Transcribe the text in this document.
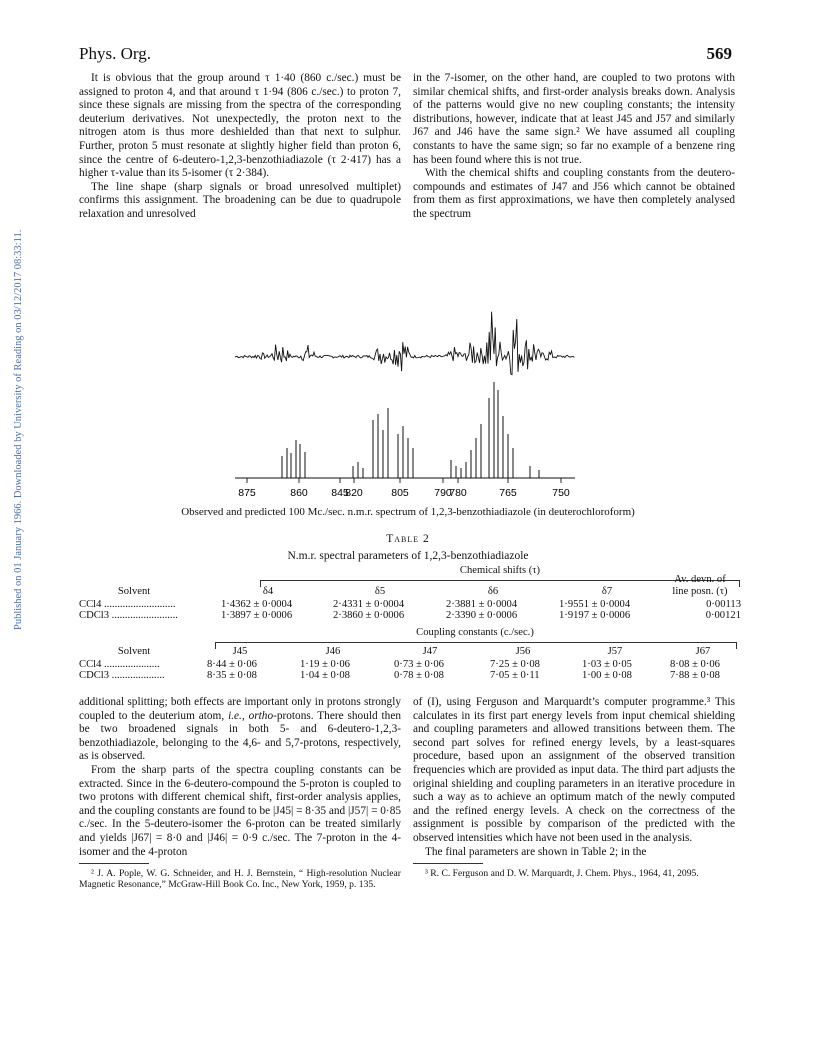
Phys. Org.	569
Published on 01 January 1966. Downloaded by University of Reading on 03/12/2017 08:33:11.

It is obvious that the group around τ 1·40 (860 c./sec.) must be assigned to proton 4, and that around τ 1·94 (806 c./sec.) to proton 7, since these signals are missing from the spectra of the corresponding deuterium derivatives. Not unexpectedly, the proton next to the nitrogen atom is thus more deshielded than that next to sulphur. Further, proton 5 must resonate at slightly higher field than proton 6, since the centre of 6-deutero-1,2,3-benzothiadiazole (τ 2·417) has a higher τ-value than its 5-isomer (τ 2·384).

The line shape (sharp signals or broad unresolved multiplet) confirms this assignment. The broadening can be due to quadrupole relaxation and unresolved

in the 7-isomer, on the other hand, are coupled to two protons with similar chemical shifts, and first-order analysis breaks down. Analysis of the patterns would give no new coupling constants; the intensity distributions, however, indicate that at least J45 and J57 and similarly J67 and J46 have the same sign.² We have assumed all coupling constants to have the same sign; so far no example of a benzene ring has been found where this is not true.

With the chemical shifts and coupling constants from the deutero-compounds and estimates of J47 and J56 which cannot be obtained from them as first approximations, we have then completely analysed the spectrum

875	860 845
820	805 790
780	765	750
Observed and predicted 100 Mc./sec. n.m.r. spectrum of 1,2,3-benzothiadiazole (in deuterochloroform)
Table 2
N.m.r. spectral parameters of 1,2,3-benzothiadiazole
Chemical shifts (τ)
Av. devn. of
line posn. (τ)
Solvent	δ4	δ5	δ6	δ7
CCl4 ...........................	1·4362 ± 0·0004	2·4331 ± 0·0004	2·3881 ± 0·0004	1·9551 ± 0·0004	0·00113
CDCl3 .........................	1·3897 ± 0·0006	2·3860 ± 0·0006	2·3390 ± 0·0006	1·9197 ± 0·0006	0·00121
Coupling constants (c./sec.)
Solvent	J45	J46	J47	J56	J57	J67
CCl4 .....................	8·44 ± 0·06	1·19 ± 0·06	0·73 ± 0·06	7·25 ± 0·08	1·03 ± 0·05	8·08 ± 0·06
CDCl3 ....................	8·35 ± 0·08	1·04 ± 0·08	0·78 ± 0·08	7·05 ± 0·11	1·00 ± 0·08	7·88 ± 0·08

additional splitting; both effects are important only in protons strongly coupled to the deuterium atom, i.e., ortho-protons. There should then be two broadened signals in both 5- and 6-deutero-1,2,3-benzothiadiazole, belonging to the 4,6- and 5,7-protons, respectively, as is observed.

From the sharp parts of the spectra coupling constants can be extracted. Since in the 6-deutero-compound the 5-proton is coupled to two protons with different chemical shift, first-order analysis applies, and the coupling constants are found to be |J45| = 8·35 and |J57| = 0·85 c./sec. In the 5-deutero-isomer the 6-proton can be treated similarly and yields |J67| = 8·0 and |J46| = 0·9 c./sec. The 7-proton in the 4-isomer and the 4-proton

² J. A. Pople, W. G. Schneider, and H. J. Bernstein, “ High-resolution Nuclear Magnetic Resonance,” McGraw-Hill Book Co. Inc., New York, 1959, p. 135.

of (I), using Ferguson and Marquardt’s computer programme.³ This calculates in its first part energy levels from input chemical shielding and coupling parameters and allowed transitions between them. The second part solves for refined energy levels, by a least-squares procedure, based upon an assignment of the observed transition frequencies which are provided as input data. The third part adjusts the original shielding and coupling parameters in an iterative procedure in such a way as to achieve an optimum match of the newly computed and the refined energy levels. A check on the correctness of the assignment is possible by comparison of the predicted with the observed intensities which have not been used in the analysis.

The final parameters are shown in Table 2; in the

³ R. C. Ferguson and D. W. Marquardt, J. Chem. Phys., 1964, 41, 2095.
